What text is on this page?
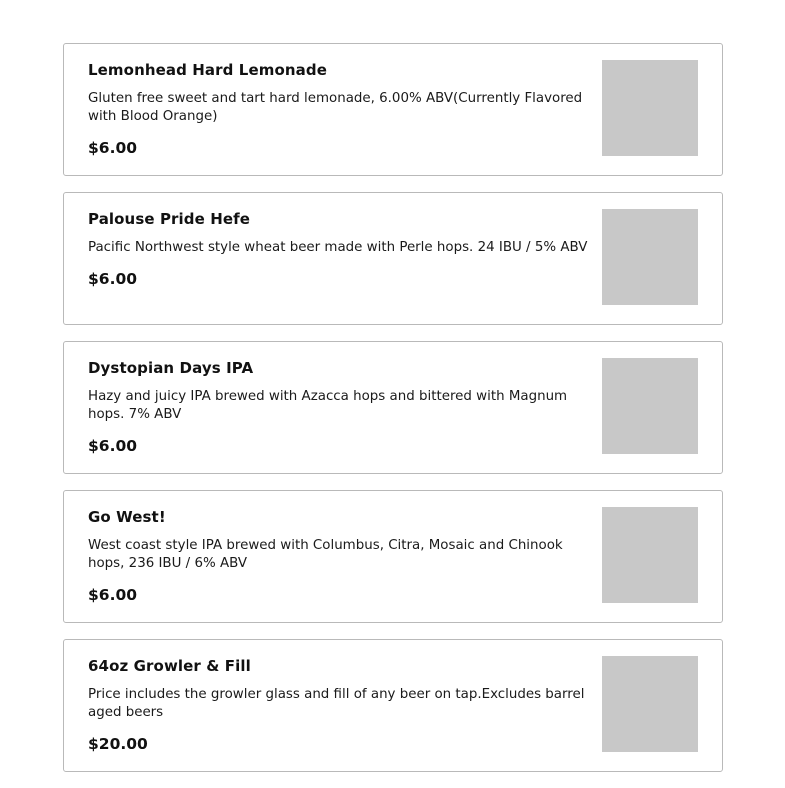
Lemonhead Hard Lemonade
Gluten free sweet and tart hard lemonade, 6.00% ABV(Currently Flavored with Blood Orange)
$6.00
Palouse Pride Hefe
Pacific Northwest style wheat beer made with Perle hops. 24 IBU / 5% ABV
$6.00
Dystopian Days IPA
Hazy and juicy IPA brewed with Azacca hops and bittered with Magnum hops. 7% ABV
$6.00
Go West!
West coast style IPA brewed with Columbus, Citra, Mosaic and Chinook hops, 236 IBU / 6% ABV
$6.00
64oz Growler & Fill
Price includes the growler glass and fill of any beer on tap.Excludes barrel aged beers
$20.00
